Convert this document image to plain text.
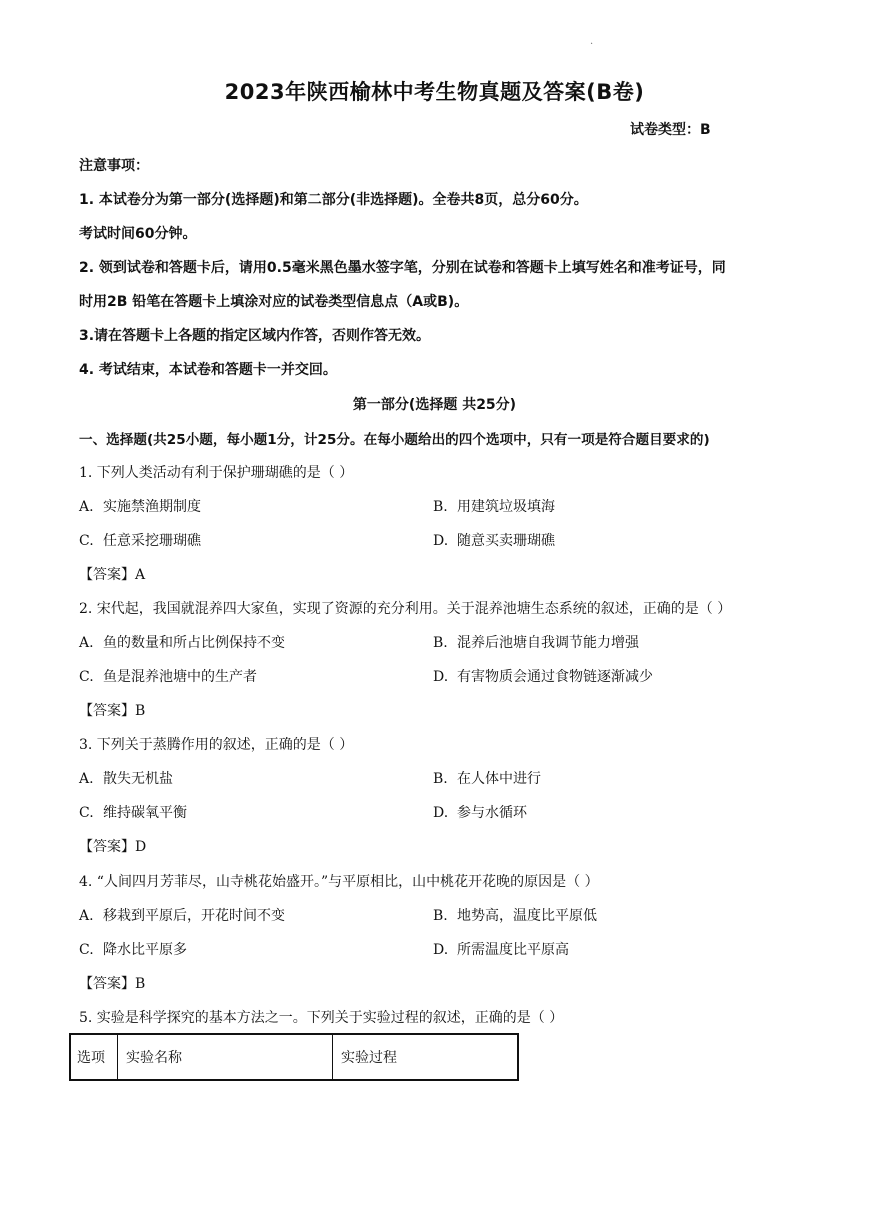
.
2023年陕西榆林中考生物真题及答案(B卷)
试卷类型：B
注意事项：
1. 本试卷分为第一部分(选择题)和第二部分(非选择题)。全卷共8页，总分60分。
考试时间60分钟。
2. 领到试卷和答题卡后，请用0.5毫米黑色墨水签字笔，分别在试卷和答题卡上填写姓名和准考证号，同
时用2B 铅笔在答题卡上填涂对应的试卷类型信息点（A或B)。
3.请在答题卡上各题的指定区域内作答，否则作答无效。
4. 考试结束，本试卷和答题卡一并交回。
第一部分(选择题 共25分)
一、选择题(共25小题，每小题1分，计25分。在每小题给出的四个选项中，只有一项是符合题目要求的)
1. 下列人类活动有利于保护珊瑚礁的是（ ）
A. 实施禁渔期制度	B. 用建筑垃圾填海
C. 任意采挖珊瑚礁	D. 随意买卖珊瑚礁
【答案】A
2. 宋代起，我国就混养四大家鱼，实现了资源的充分利用。关于混养池塘生态系统的叙述，正确的是（ ）
A. 鱼的数量和所占比例保持不变	B. 混养后池塘自我调节能力增强
C. 鱼是混养池塘中的生产者	D. 有害物质会通过食物链逐渐减少
【答案】B
3. 下列关于蒸腾作用的叙述，正确的是（ ）
A. 散失无机盐	B. 在人体中进行
C. 维持碳氧平衡	D. 参与水循环
【答案】D
4. “人间四月芳菲尽，山寺桃花始盛开。”与平原相比，山中桃花开花晚的原因是（ ）
A. 移栽到平原后，开花时间不变	B. 地势高，温度比平原低
C. 降水比平原多	D. 所需温度比平原高
【答案】B
5. 实验是科学探究的基本方法之一。下列关于实验过程的叙述，正确的是（ ）
选项	实验名称	实验过程
